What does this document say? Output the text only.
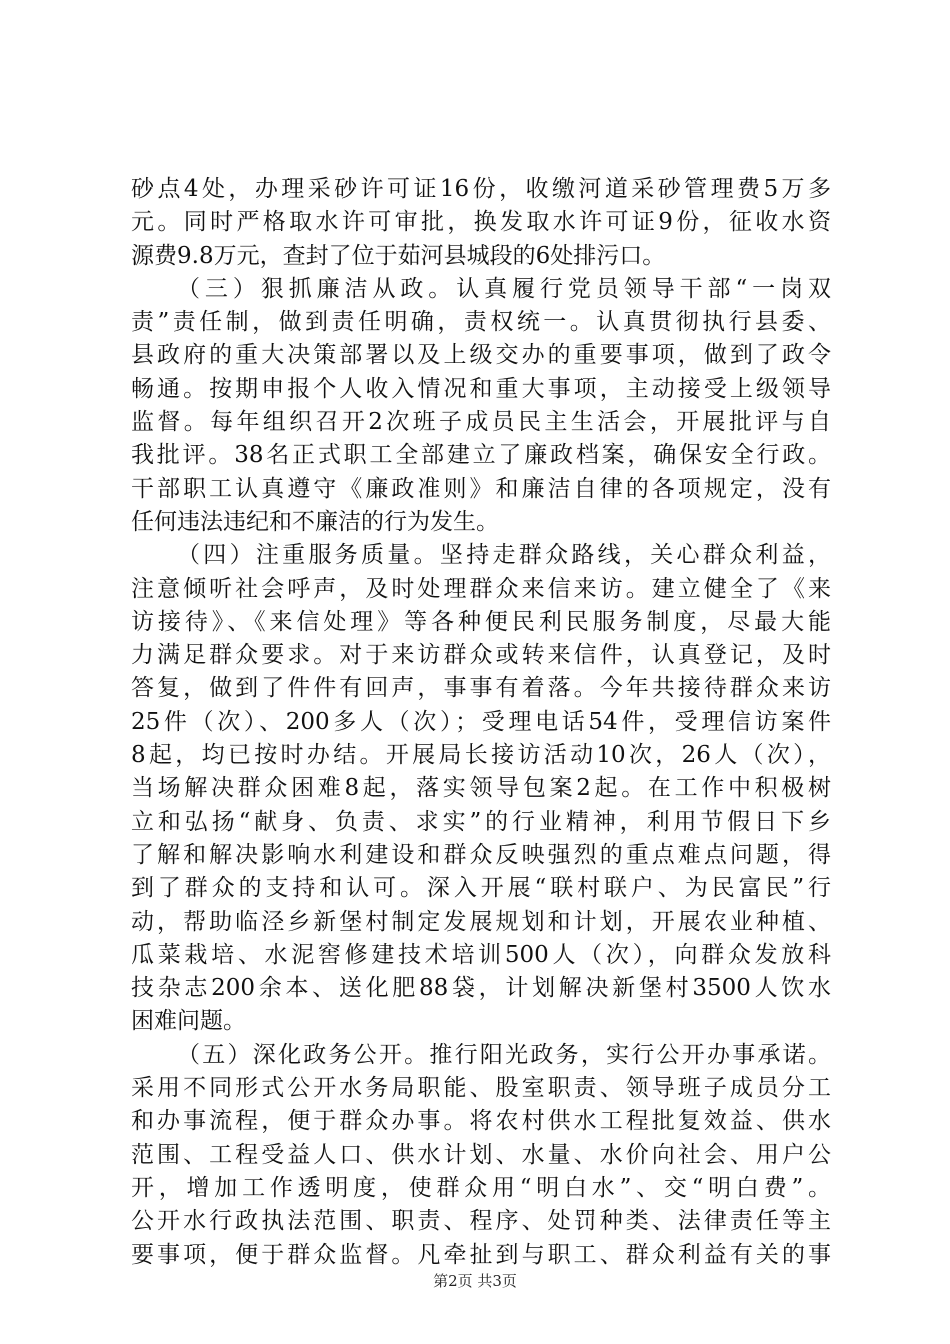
砂点4处，办理采砂许可证16份，收缴河道采砂管理费5万多
元。同时严格取水许可审批，换发取水许可证9份，征收水资
源费9.8万元，查封了位于茹河县城段的6处排污口。
（三）狠抓廉洁从政。认真履行党员领导干部“一岗双
责”责任制，做到责任明确，责权统一。认真贯彻执行县委、
县政府的重大决策部署以及上级交办的重要事项，做到了政令
畅通。按期申报个人收入情况和重大事项，主动接受上级领导
监督。每年组织召开2次班子成员民主生活会，开展批评与自
我批评。38名正式职工全部建立了廉政档案，确保安全行政。
干部职工认真遵守《廉政准则》和廉洁自律的各项规定，没有
任何违法违纪和不廉洁的行为发生。
（四）注重服务质量。坚持走群众路线，关心群众利益，
注意倾听社会呼声，及时处理群众来信来访。建立健全了《来
访接待》、《来信处理》等各种便民利民服务制度，尽最大能
力满足群众要求。对于来访群众或转来信件，认真登记，及时
答复，做到了件件有回声，事事有着落。今年共接待群众来访
25件（次）、200多人（次）；受理电话54件，受理信访案件
8起，均已按时办结。开展局长接访活动10次，26人（次），
当场解决群众困难8起，落实领导包案2起。在工作中积极树
立和弘扬“献身、负责、求实”的行业精神，利用节假日下乡
了解和解决影响水利建设和群众反映强烈的重点难点问题，得
到了群众的支持和认可。深入开展“联村联户、为民富民”行
动，帮助临泾乡新堡村制定发展规划和计划，开展农业种植、
瓜菜栽培、水泥窖修建技术培训500人（次），向群众发放科
技杂志200余本、送化肥88袋，计划解决新堡村3500人饮水
困难问题。
（五）深化政务公开。推行阳光政务，实行公开办事承诺。
采用不同形式公开水务局职能、股室职责、领导班子成员分工
和办事流程，便于群众办事。将农村供水工程批复效益、供水
范围、工程受益人口、供水计划、水量、水价向社会、用户公
开，增加工作透明度，使群众用“明白水”、交“明白费”。
公开水行政执法范围、职责、程序、处罚种类、法律责任等主
要事项，便于群众监督。凡牵扯到与职工、群众利益有关的事
第2页 共3页
